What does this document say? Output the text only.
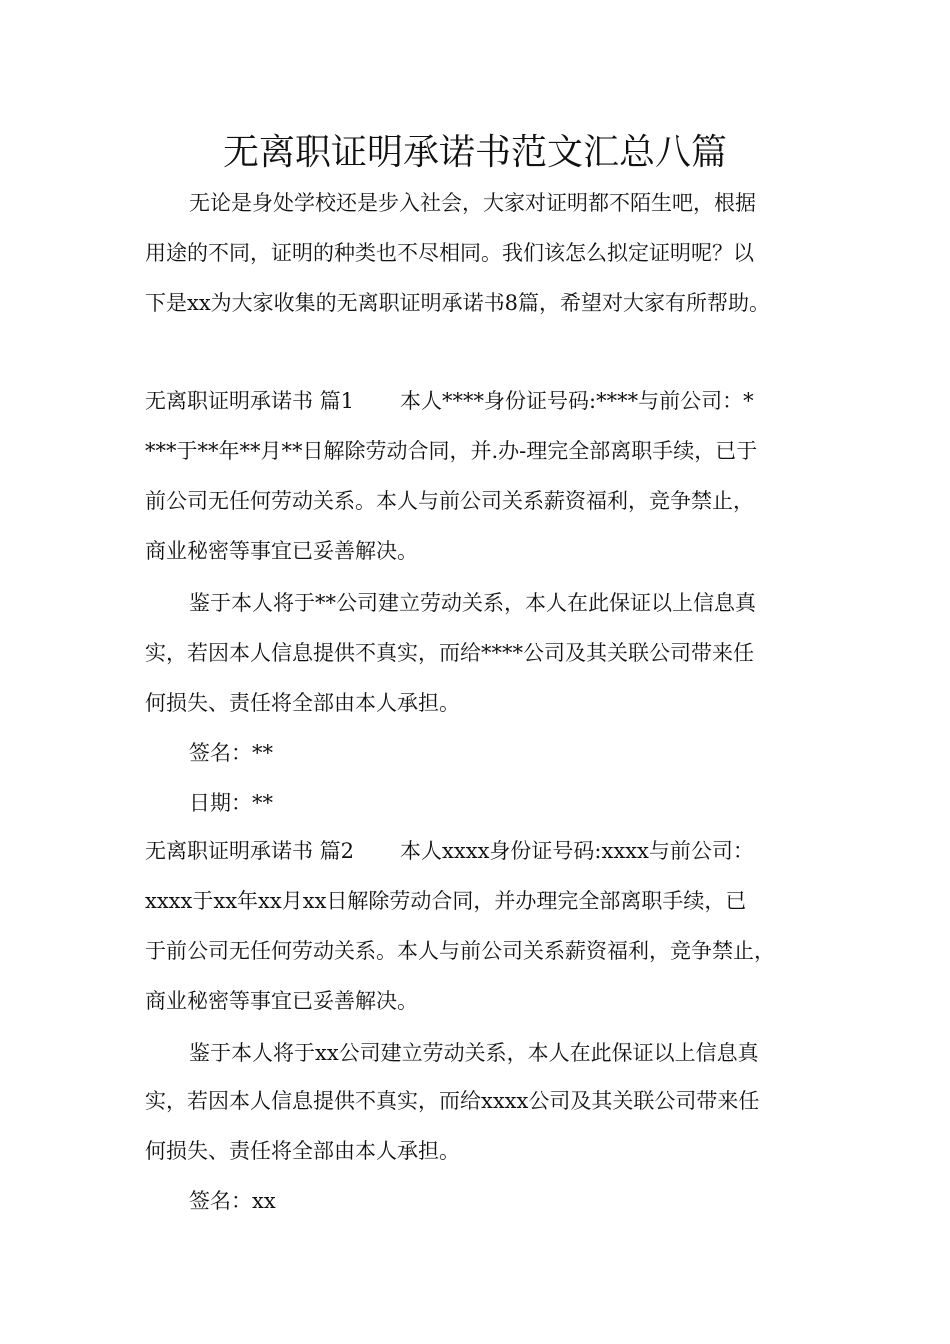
无离职证明承诺书范文汇总八篇
无论是身处学校还是步入社会，大家对证明都不陌生吧，根据
用途的不同，证明的种类也不尽相同。我们该怎么拟定证明呢？以
下是xx为大家收集的无离职证明承诺书8篇，希望对大家有所帮助。
无离职证明承诺书 篇1 本人****身份证号码:****与前公司：*
***于**年**月**日解除劳动合同，并.办-理完全部离职手续，已于
前公司无任何劳动关系。本人与前公司关系薪资福利，竞争禁止，
商业秘密等事宜已妥善解决。
鉴于本人将于**公司建立劳动关系，本人在此保证以上信息真
实，若因本人信息提供不真实，而给****公司及其关联公司带来任
何损失、责任将全部由本人承担。
签名：**
日期：**
无离职证明承诺书 篇2 本人xxxx身份证号码:xxxx与前公司：
xxxx于xx年xx月xx日解除劳动合同，并办理完全部离职手续，已
于前公司无任何劳动关系。本人与前公司关系薪资福利，竞争禁止，
商业秘密等事宜已妥善解决。
鉴于本人将于xx公司建立劳动关系，本人在此保证以上信息真
实，若因本人信息提供不真实，而给xxxx公司及其关联公司带来任
何损失、责任将全部由本人承担。
签名：xx
